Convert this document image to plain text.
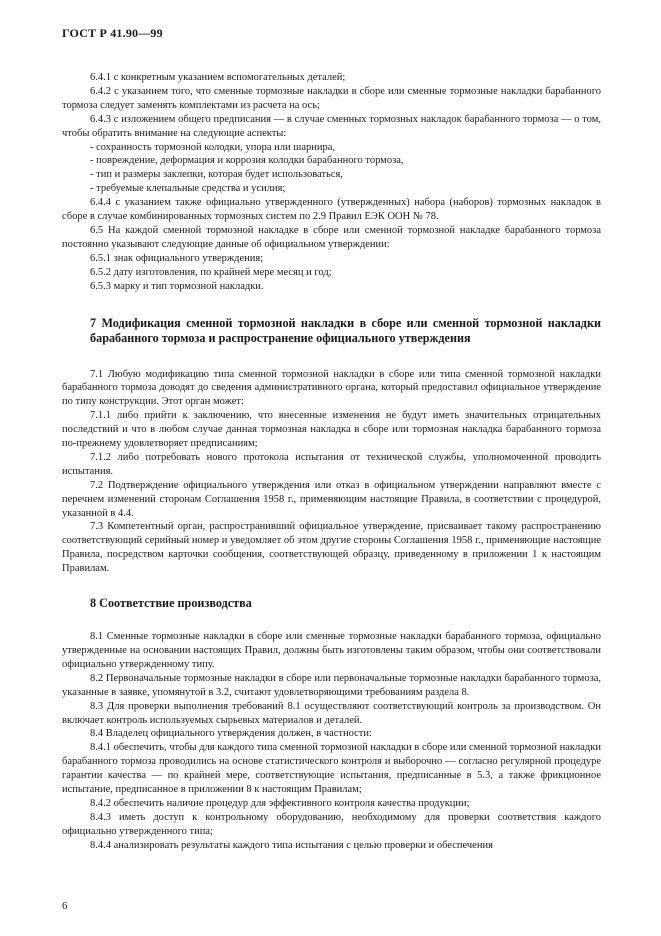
ГОСТ Р 41.90—99

6.4.1 с конкретным указанием вспомогательных деталей;

6.4.2 с указанием того, что сменные тормозные накладки в сборе или сменные тормозные накладки барабанного тормоза следует заменять комплектами из расчета на ось;

6.4.3 с изложением общего предписания — в случае сменных тормозных накладок барабанного тормоза — о том, чтобы обратить внимание на следующие аспекты:

- сохранность тормозной колодки, упора или шарнира,

- повреждение, деформация и коррозия колодки барабанного тормоза,

- тип и размеры заклепки, которая будет использоваться,

- требуемые клепальные средства и усилия;

6.4.4 с указанием также официально утвержденного (утвержденных) набора (наборов) тормозных накладок в сборе в случае комбинированных тормозных систем по 2.9 Правил ЕЭК ООН № 78.

6.5 На каждой сменной тормозной накладке в сборе или сменной тормозной накладке барабанного тормоза постоянно указывают следующие данные об официальном утверждении:

6.5.1 знак официального утверждения;

6.5.2 дату изготовления, по крайней мере месяц и год;

6.5.3 марку и тип тормозной накладки.

7 Модификация сменной тормозной накладки в сборе или сменной тормозной накладки барабанного тормоза и распространение официального утверждения

7.1 Любую модификацию типа сменной тормозной накладки в сборе или типа сменной тормозной накладки барабанного тормоза доводят до сведения административного органа, который предоставил официальное утверждение по типу конструкции. Этот орган может:

7.1.1 либо прийти к заключению, что внесенные изменения не будут иметь значительных отрицательных последствий и что в любом случае данная тормозная накладка в сборе или тормозная накладка барабанного тормоза по-прежнему удовлетворяет предписаниям;

7.1.2 либо потребовать нового протокола испытания от технической службы, уполномоченной проводить испытания.

7.2 Подтверждение официального утверждения или отказ в официальном утверждении направляют вместе с перечнем изменений сторонам Соглашения 1958 г., применяющим настоящие Правила, в соответствии с процедурой, указанной в 4.4.

7.3 Компетентный орган, распространивший официальное утверждение, присваивает такому распространению соответствующий серийный номер и уведомляет об этом другие стороны Соглашения 1958 г., применяющие настоящие Правила, посредством карточки сообщения, соответствующей образцу, приведенному в приложении 1 к настоящим Правилам.

8 Соответствие производства

8.1 Сменные тормозные накладки в сборе или сменные тормозные накладки барабанного тормоза, официально утвержденные на основании настоящих Правил, должны быть изготовлены таким образом, чтобы они соответствовали официально утвержденному типу.

8.2 Первоначальные тормозные накладки в сборе или первоначальные тормозные накладки барабанного тормоза, указанные в заявке, упомянутой в 3.2, считают удовлетворяющими требованиям раздела 8.

8.3 Для проверки выполнения требований 8.1 осуществляют соответствующий контроль за производством. Он включает контроль используемых сырьевых материалов и деталей.

8.4 Владелец официального утверждения должен, в частности:

8.4.1 обеспечить, чтобы для каждого типа сменной тормозной накладки в сборе или сменной тормозной накладки барабанного тормоза проводились на основе статистического контроля и выборочно — согласно регулярной процедуре гарантии качества — по крайней мере, соответствующие испытания, предписанные в 5.3, а также фрикционное испытание, предписанное в приложении 8 к настоящим Правилам;

8.4.2 обеспечить наличие процедур для эффективного контроля качества продукции;

8.4.3 иметь доступ к контрольному оборудованию, необходимому для проверки соответствия каждого официально утвержденного типа;

8.4.4 анализировать результаты каждого типа испытания с целью проверки и обеспечения

6
